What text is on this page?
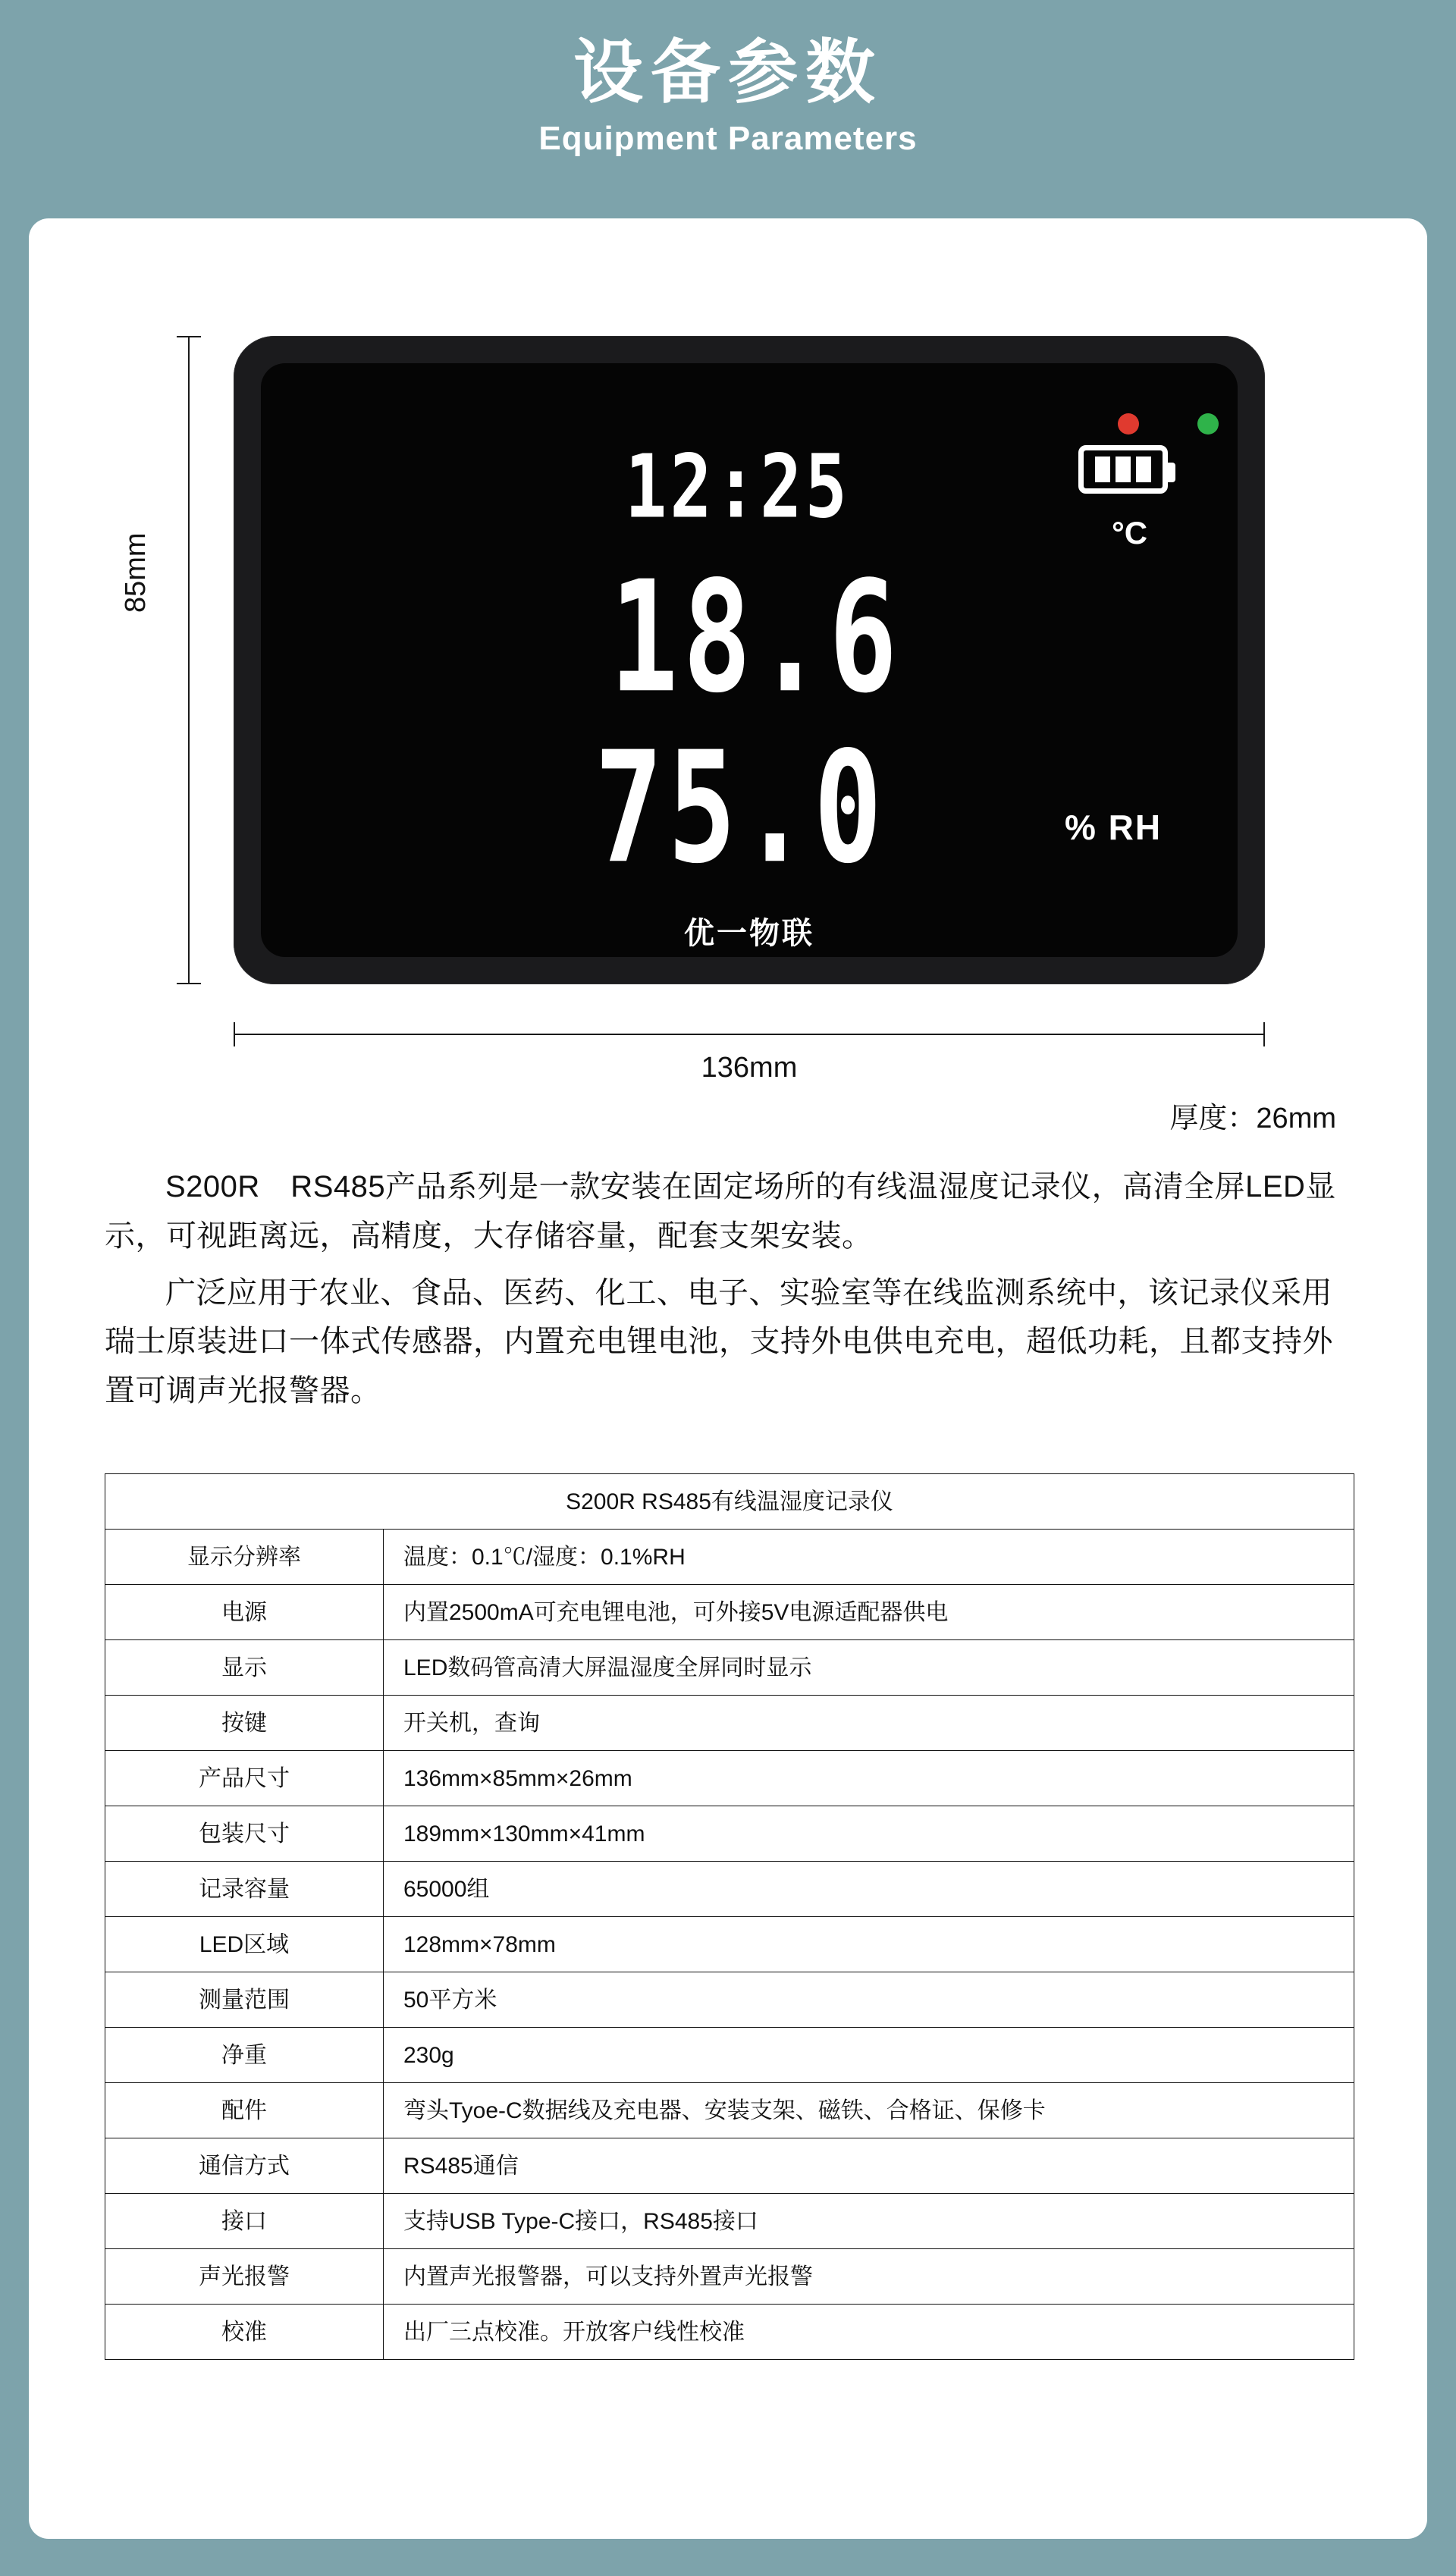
设备参数
Equipment Parameters
85mm
12:25	°C
18.6
75.0	% RH
优一物联
136mm
厚度：26mm

S200R　RS485产品系列是一款安装在固定场所的有线温湿度记录仪，高清全屏LED显示，可视距离远，高精度，大存储容量，配套支架安装。

广泛应用于农业、食品、医药、化工、电子、实验室等在线监测系统中，该记录仪采用瑞士原装进口一体式传感器，内置充电锂电池，支持外电供电充电，超低功耗，且都支持外置可调声光报警器。

S200R RS485有线温湿度记录仪	
显示分辨率	温度：0.1℃/湿度：0.1%RH
电源	内置2500mA可充电锂电池，可外接5V电源适配器供电
显示	LED数码管高清大屏温湿度全屏同时显示
按键	开关机，查询
产品尺寸	136mm×85mm×26mm
包装尺寸	189mm×130mm×41mm
记录容量	65000组
LED区域	128mm×78mm
测量范围	50平方米
净重	230g
配件	弯头Tyoe-C数据线及充电器、安装支架、磁铁、合格证、保修卡
通信方式	RS485通信
接口	支持USB Type-C接口，RS485接口
声光报警	内置声光报警器，可以支持外置声光报警
校准	出厂三点校准。开放客户线性校准
